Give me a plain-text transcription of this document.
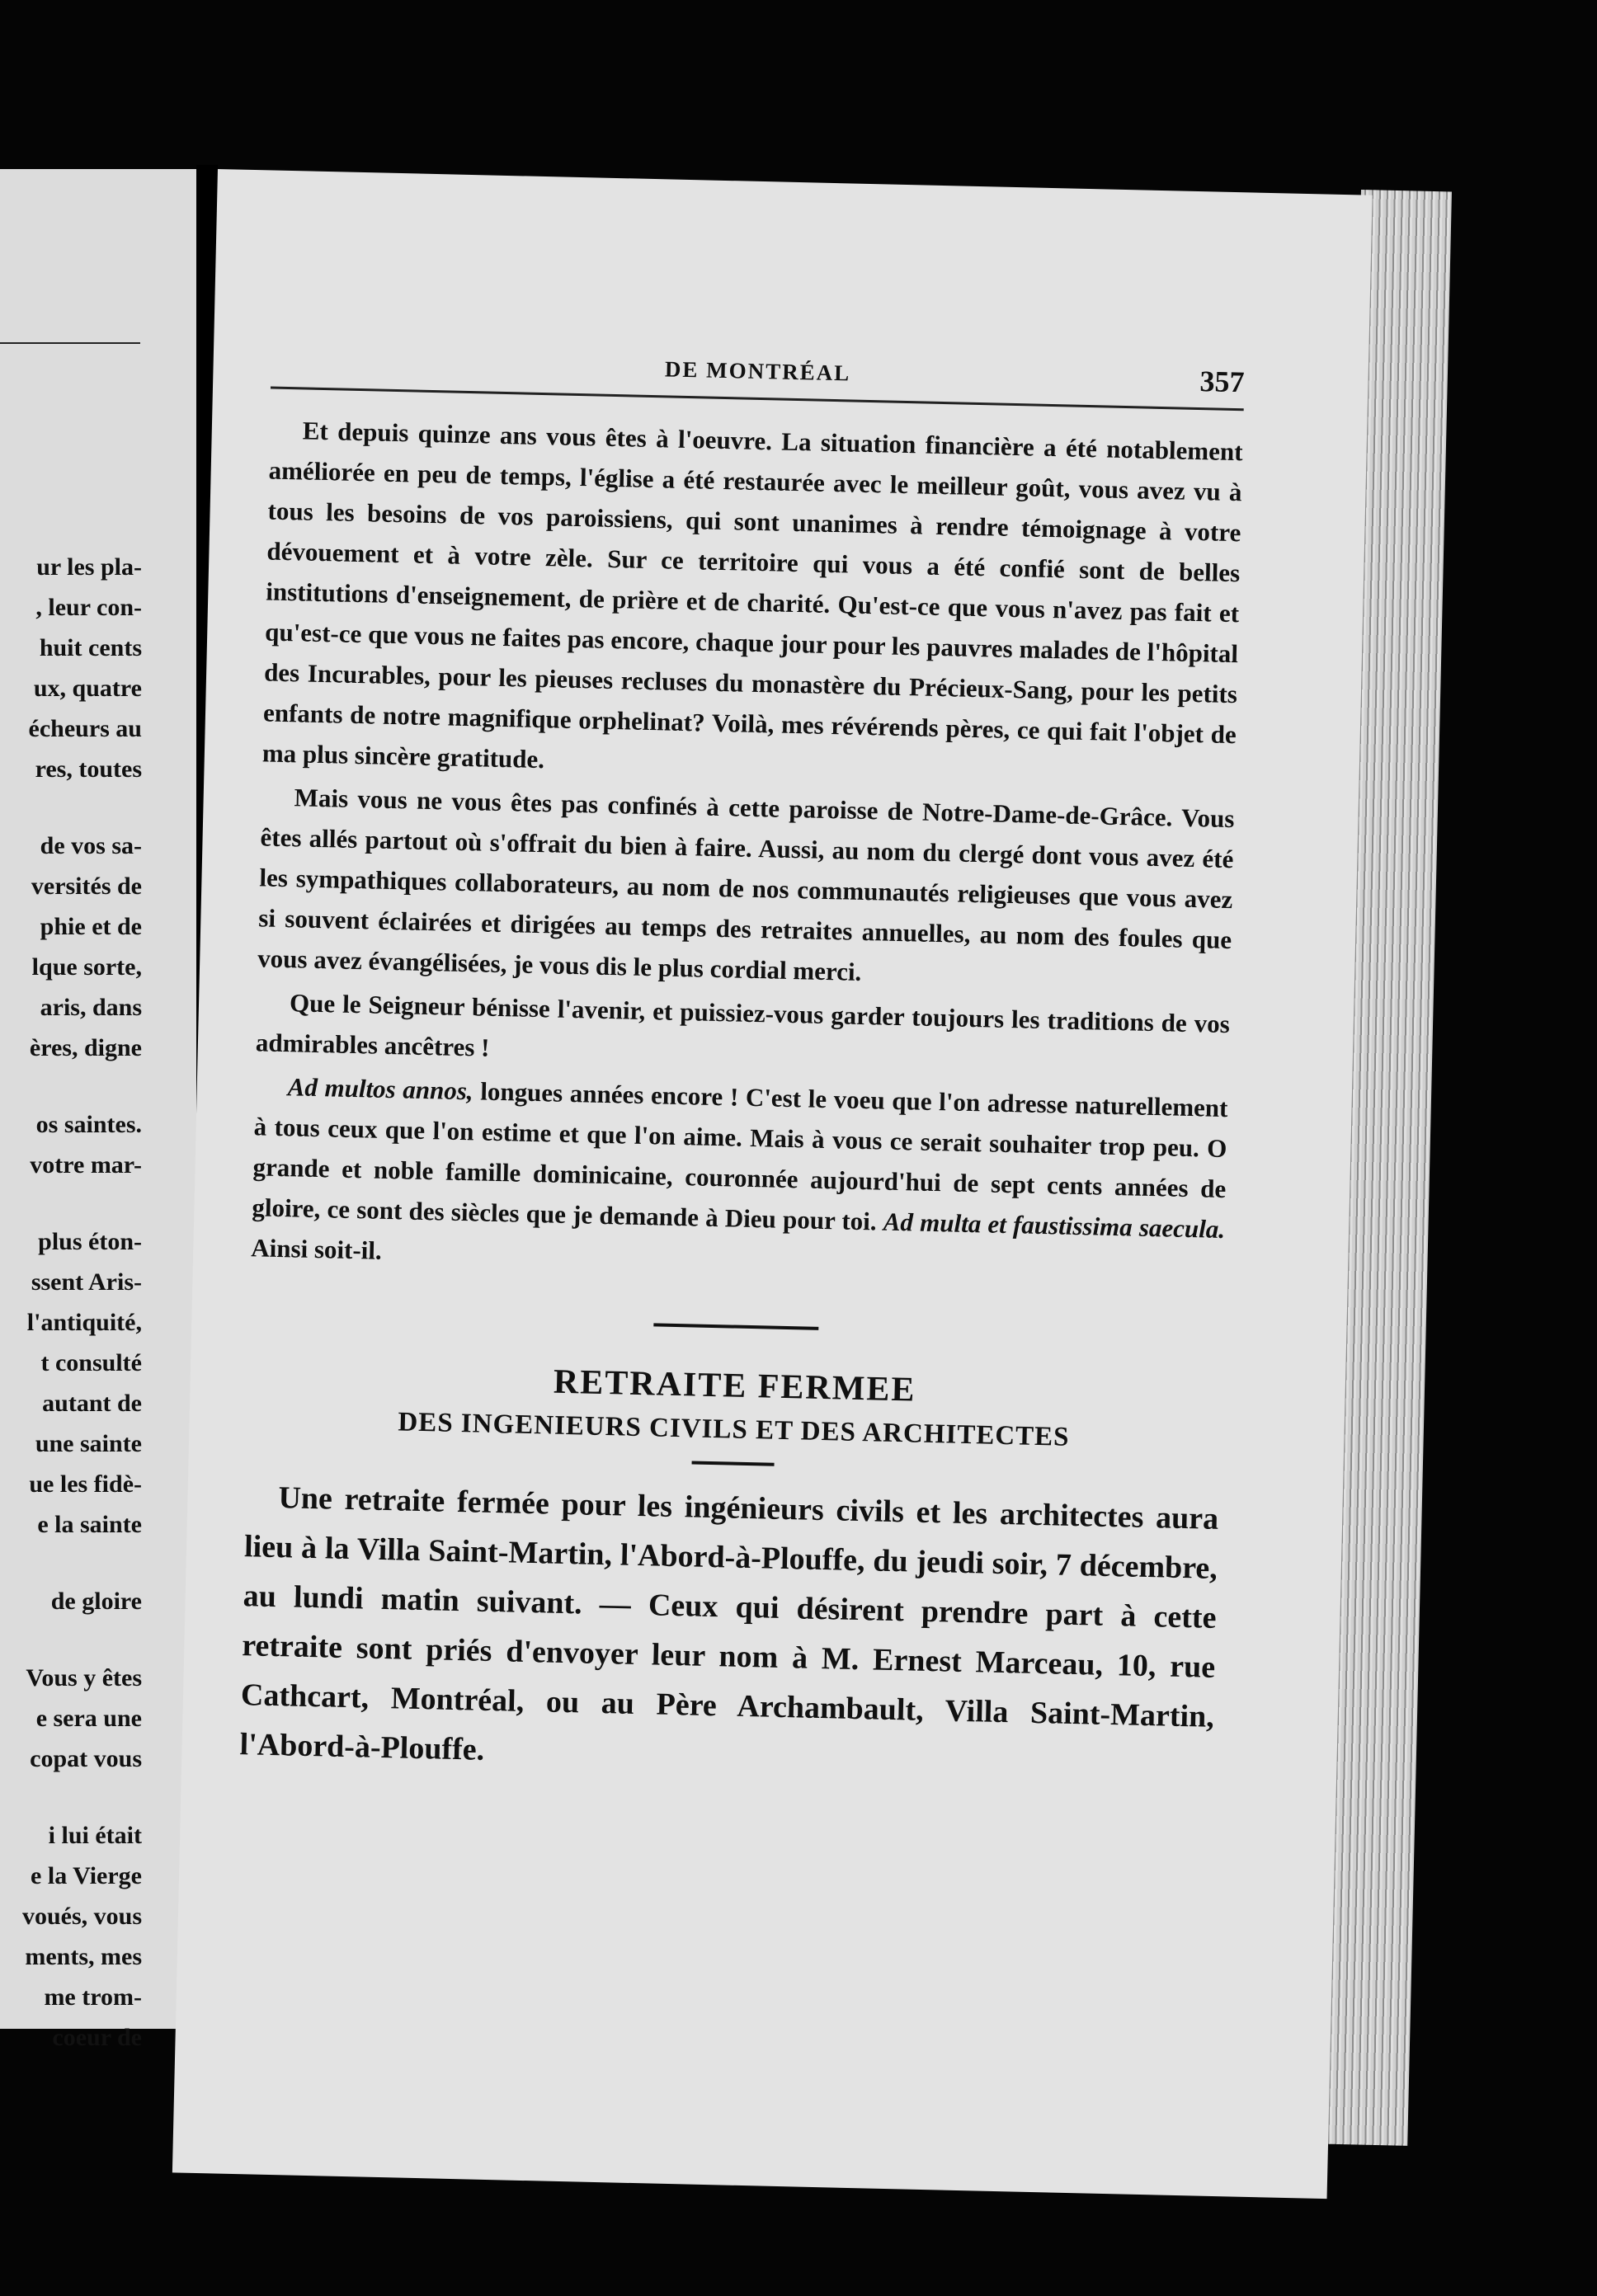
ur les pla-
, leur con-
huit cents
ux, quatre
écheurs au
res, toutes
de vos sa-
versités de
phie et de
lque sorte,
aris, dans
ères, digne
os saintes.
votre mar-
plus éton-
ssent Aris-
l'antiquité,
t consulté
autant de
une sainte
ue les fidè-
e la sainte
de gloire
Vous y êtes
e sera une
copat vous
i lui était
e la Vierge
voués, vous
ments, mes
me trom-
coeur de
DE MONTRÉAL	357

Et depuis quinze ans vous êtes à l'oeuvre. La situation financière a été notablement améliorée en peu de temps, l'église a été restaurée avec le meilleur goût, vous avez vu à tous les besoins de vos paroissiens, qui sont unanimes à rendre témoignage à votre dévouement et à votre zèle. Sur ce territoire qui vous a été confié sont de belles institutions d'enseignement, de prière et de charité. Qu'est-ce que vous n'avez pas fait et qu'est-ce que vous ne faites pas encore, chaque jour pour les pauvres malades de l'hôpital des Incurables, pour les pieuses recluses du monastère du Précieux-Sang, pour les petits enfants de notre magnifique orphelinat? Voilà, mes révérends pères, ce qui fait l'objet de ma plus sincère gratitude.

Mais vous ne vous êtes pas confinés à cette paroisse de Notre-Dame-de-Grâce. Vous êtes allés partout où s'offrait du bien à faire. Aussi, au nom du clergé dont vous avez été les sympathiques collaborateurs, au nom de nos communautés religieuses que vous avez si souvent éclairées et dirigées au temps des retraites annuelles, au nom des foules que vous avez évangélisées, je vous dis le plus cordial merci.

Que le Seigneur bénisse l'avenir, et puissiez-vous garder toujours les traditions de vos admirables ancêtres !

Ad multos annos, longues années encore ! C'est le voeu que l'on adresse naturellement à tous ceux que l'on estime et que l'on aime. Mais à vous ce serait souhaiter trop peu. O grande et noble famille dominicaine, couronnée aujourd'hui de sept cents années de gloire, ce sont des siècles que je demande à Dieu pour toi. Ad multa et faustissima saecula. Ainsi soit-il.

RETRAITE FERMEE
DES INGENIEURS CIVILS ET DES ARCHITECTES

Une retraite fermée pour les ingénieurs civils et les architectes aura lieu à la Villa Saint-Martin, l'Abord-à-Plouffe, du jeudi soir, 7 décembre, au lundi matin suivant. — Ceux qui désirent prendre part à cette retraite sont priés d'envoyer leur nom à M. Ernest Marceau, 10, rue Cathcart, Montréal, ou au Père Archambault, Villa Saint-Martin, l'Abord-à-Plouffe.
